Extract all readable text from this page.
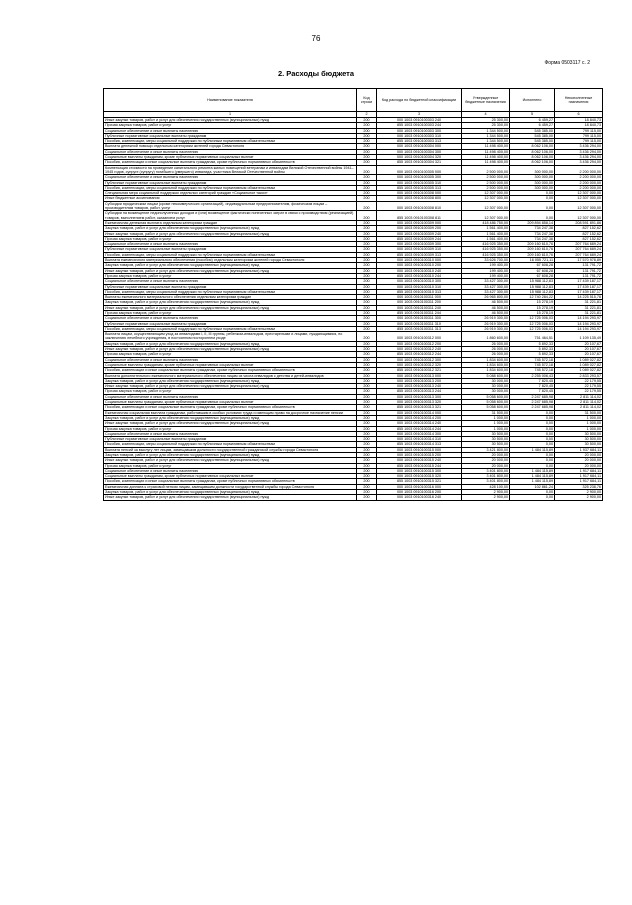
76
Форма 0503117 с. 2
2. Расходы бюджета
Наименование показателя	Код строки	Код расхода по бюджетной классификации	Утвержденные бюджетные назначения	Исполнено	Неисполненные назначения
1	2	3	4	5	6
Иные закупки товаров, работ и услуг для обеспечения государственных (муниципальных) нужд	200	000 1003 0910100303 240	25 300,00	6 459,27	18 840,73
Прочая закупка товаров, работ и услуг	200	855 1003 0910100303 244	25 300,00	6 459,27	18 840,73
Социальное обеспечение и иные выплаты населению	200	000 1003 0910100303 300	1 344 500,00	545 385,00	799 115,00
Публичные нормативные социальные выплаты гражданам	200	000 1003 0910100303 310	1 344 500,00	545 385,00	799 115,00
Пособия, компенсации, меры социальной поддержки по публичным нормативным обязательствам	200	855 1003 0910100303 313	1 344 500,00	545 385,00	799 115,00
Выплата денежной помощи отдельным категориям жителей города Севастополя	200	000 1003 0910100304 000	11 498 400,00	8 062 106,00	3 436 294,00
Социальное обеспечение и иные выплаты населению	200	000 1003 0910100304 300	11 498 400,00	8 062 106,00	3 436 294,00
Социальные выплаты гражданам, кроме публичных нормативных социальных выплат	200	000 1003 0910100304 320	11 498 400,00	8 062 106,00	3 436 294,00
Пособия, компенсации и иные социальные выплаты гражданам, кроме публичных нормативных обязательств	200	855 1003 0910100304 321	11 498 400,00	8 062 106,00	3 436 294,00
Компенсация стоимости на проведение капитального ремонта жилых помещений ветеранам и инвалидам Великой Отечественной войны 1941–1945 годов, супруге (супругу) погибшего (умершего) инвалида, участника Великой Отечественной войны	200	000 1003 0910100305 000	2 500 000,00	300 000,00	2 200 000,00
Социальное обеспечение и иные выплаты населению	200	000 1003 0910100305 300	2 500 000,00	300 000,00	2 200 000,00
Публичные нормативные социальные выплаты гражданам	200	000 1003 0910100305 310	2 500 000,00	300 000,00	2 200 000,00
Пособия, компенсации, меры социальной поддержки по публичным нормативным обязательствам	200	855 1003 0910100305 313	2 500 000,00	300 000,00	2 200 000,00
Специальная мера социальной поддержки отдельных категорий граждан «Социальное такси»	200	000 1003 0910100308 000	12 307 000,00	0,00	12 307 000,00
Иные бюджетные ассигнования	200	000 1003 0910100308 800	12 307 000,00	0,00	12 307 000,00
Субсидии юридическим лицам (кроме некоммерческих организаций), индивидуальным предпринимателям, физическим лицам – производителям товаров, работ, услуг	200	000 1003 0910100308 810	12 307 000,00	0,00	12 307 000,00
Субсидии на возмещение недополученных доходов и (или) возмещение фактически понесенных затрат в связи с производством (реализацией) товаров, выполнением работ, оказанием услуг	200	855 1003 0910100308 811	12 307 000,00	0,00	12 307 000,00
Ежемесячная денежная выплата отдельным категориям граждан	200	000 1003 0910100309 000	418 486 750,00	209 894 858,14	208 591 891,86
Закупка товаров, работ и услуг для обеспечения государственных (муниципальных) нужд	200	000 1003 0910100309 200	1 561 400,00	734 247,38	827 152,62
Иные закупки товаров, работ и услуг для обеспечения государственных (муниципальных) нужд	200	000 1003 0910100309 240	1 561 400,00	734 247,38	827 152,62
Прочая закупка товаров, работ и услуг	200	855 1003 0910100309 244	1 561 400,00	734 247,38	827 152,62
Социальное обеспечение и иные выплаты населению	200	000 1003 0910100309 300	416 925 350,00	209 160 610,76	207 764 689,24
Публичные нормативные социальные выплаты гражданам	200	000 1003 0910100309 310	416 925 350,00	209 160 610,76	207 764 689,24
Пособия, компенсации, меры социальной поддержки по публичным нормативным обязательствам	200	855 1003 0910100309 313	416 925 350,00	209 160 610,76	207 764 689,24
Выплата ежемесячного материального обеспечения (пособия) отдельным категориям жителей города Севастополя	200	000 1003 0910100310 000	33 626 700,00	16 055 721,11	17 570 978,89
Закупка товаров, работ и услуг для обеспечения государственных (муниципальных) нужд	200	000 1003 0910100310 200	199 400,00	67 608,28	131 791,72
Иные закупки товаров, работ и услуг для обеспечения государственных (муниципальных) нужд	200	000 1003 0910100310 240	199 400,00	67 608,28	131 791,72
Прочая закупка товаров, работ и услуг	200	855 1003 0910100310 244	199 400,00	67 608,28	131 791,72
Социальное обеспечение и иные выплаты населению	200	000 1003 0910100310 300	33 427 300,00	15 988 112,83	17 439 187,17
Публичные нормативные социальные выплаты гражданам	200	000 1003 0910100310 310	33 427 300,00	15 988 112,83	17 439 187,17
Пособия, компенсации, меры социальной поддержки по публичным нормативным обязательствам	200	855 1003 0910100310 313	33 427 300,00	15 988 112,83	17 439 187,17
Выплаты ежемесячного материального обеспечения отдельным категориям граждан	200	000 1003 0910100311 000	26 965 800,00	12 740 284,22	14 225 515,78
Закупка товаров, работ и услуг для обеспечения государственных (муниципальных) нужд	200	000 1003 0910100311 200	46 500,00	15 278,19	31 221,81
Иные закупки товаров, работ и услуг для обеспечения государственных (муниципальных) нужд	200	000 1003 0910100311 240	46 500,00	15 278,19	31 221,81
Прочая закупка товаров, работ и услуг	200	855 1003 0910100311 244	46 500,00	15 278,19	31 221,81
Социальное обеспечение и иные выплаты населению	200	000 1003 0910100311 300	26 919 300,00	12 725 006,03	14 194 293,97
Публичные нормативные социальные выплаты гражданам	200	000 1003 0910100311 310	26 919 300,00	12 725 006,03	14 194 293,97
Пособия, компенсации, меры социальной поддержки по публичным нормативным обязательствам	200	855 1003 0910100311 313	26 919 300,00	12 725 006,03	14 194 293,97
Выплата лицам, осуществляющим уход за инвалидами I, II, III группы, ребенком-инвалидом, престарелыми и лицами, нуждающимися, по заключению лечебного учреждения, в постоянном постороннем уходе	200	000 1003 0910100312 000	1 860 600,00	751 464,51	1 109 135,49
Закупка товаров, работ и услуг для обеспечения государственных (муниципальных) нужд	200	000 1003 0910100312 200	26 000,00	5 892,33	20 107,67
Иные закупки товаров, работ и услуг для обеспечения государственных (муниципальных) нужд	200	000 1003 0910100312 240	26 000,00	5 892,33	20 107,67
Прочая закупка товаров, работ и услуг	200	855 1003 0910100312 244	26 000,00	5 892,33	20 107,67
Социальное обеспечение и иные выплаты населению	200	000 1003 0910100312 300	1 834 600,00	745 572,18	1 089 027,82
Социальные выплаты гражданам, кроме публичных нормативных социальных выплат	200	000 1003 0910100312 320	1 834 600,00	745 572,18	1 089 027,82
Пособия, компенсации и иные социальные выплаты гражданам, кроме публичных нормативных обязательств	200	855 1003 0910100312 321	1 834 600,00	745 572,18	1 089 027,82
Выплата дополнительного ежемесячного материального обеспечения лицам из числа инвалидов с детства и детей-инвалидов	200	000 1003 0910100313 000	5 088 600,00	2 255 006,43	2 833 293,57
Закупка товаров, работ и услуг для обеспечения государственных (муниципальных) нужд	200	000 1003 0910100313 200	30 000,00	7 820,45	22 179,55
Иные закупки товаров, работ и услуг для обеспечения государственных (муниципальных) нужд	200	000 1003 0910100313 240	30 000,00	7 820,45	22 179,55
Прочая закупка товаров, работ и услуг	200	855 1003 0910100313 244	30 000,00	7 820,45	22 179,55
Социальное обеспечение и иные выплаты населению	200	000 1003 0910100313 300	5 058 600,00	2 247 685,98	2 811 114,02
Социальные выплаты гражданам, кроме публичных нормативных социальных выплат	200	000 1003 0910100313 320	5 058 600,00	2 247 685,98	2 811 114,02
Пособия, компенсации и иные социальные выплаты гражданам, кроме публичных нормативных обязательств	200	855 1003 0910100313 321	5 058 600,00	2 247 685,98	2 811 114,02
Ежемесячная социальная выплата гражданам, работавшим в особых условиях труда и имеющим право на досрочное назначение пенсии	200	000 1003 0910100314 000	31 500,00	0,00	31 500,00
Закупка товаров, работ и услуг для обеспечения государственных (муниципальных) нужд	200	000 1003 0910100314 200	1 000,00	0,00	1 000,00
Иные закупки товаров, работ и услуг для обеспечения государственных (муниципальных) нужд	200	000 1003 0910100314 240	1 000,00	0,00	1 000,00
Прочая закупка товаров, работ и услуг	200	855 1003 0910100314 244	1 000,00	0,00	1 000,00
Социальное обеспечение и иные выплаты населению	200	000 1003 0910100314 300	30 500,00	0,00	30 500,00
Публичные нормативные социальные выплаты гражданам	200	000 1003 0910100314 310	30 500,00	0,00	30 500,00
Пособия, компенсации, меры социальной поддержки по публичным нормативным обязательствам	200	855 1003 0910100314 313	30 500,00	0,00	30 500,00
Выплата пенсий за выслугу лет лицам, замещавшим должности государственной гражданской службы города Севастополя	200	000 1003 0910100315 000	3 421 800,00	1 484 115,89	1 937 684,11
Закупка товаров, работ и услуг для обеспечения государственных (муниципальных) нужд	200	000 1003 0910100315 200	20 000,00	0,00	20 000,00
Иные закупки товаров, работ и услуг для обеспечения государственных (муниципальных) нужд	200	000 1003 0910100315 240	20 000,00	0,00	20 000,00
Прочая закупка товаров, работ и услуг	200	855 1003 0910100315 244	20 000,00	0,00	20 000,00
Социальное обеспечение и иные выплаты населению	200	000 1003 0910100315 300	3 401 800,00	1 484 115,89	1 917 684,11
Социальные выплаты гражданам, кроме публичных нормативных социальных выплат	200	000 1003 0910100315 320	3 401 800,00	1 484 115,89	1 917 684,11
Пособия, компенсации и иные социальные выплаты гражданам, кроме публичных нормативных обязательств	200	855 1003 0910100315 321	3 401 800,00	1 484 115,89	1 917 684,11
Ежемесячная доплата к страховой пенсии лицам, замещавшим должности государственной службы города Севастополя	200	000 1003 0910100316 000	428 100,00	102 861,24	325 238,76
Закупка товаров, работ и услуг для обеспечения государственных (муниципальных) нужд	200	000 1003 0910100316 200	2 900,00	0,00	2 900,00
Иные закупки товаров, работ и услуг для обеспечения государственных (муниципальных) нужд	200	000 1003 0910100316 240	2 900,00	0,00	2 900,00
